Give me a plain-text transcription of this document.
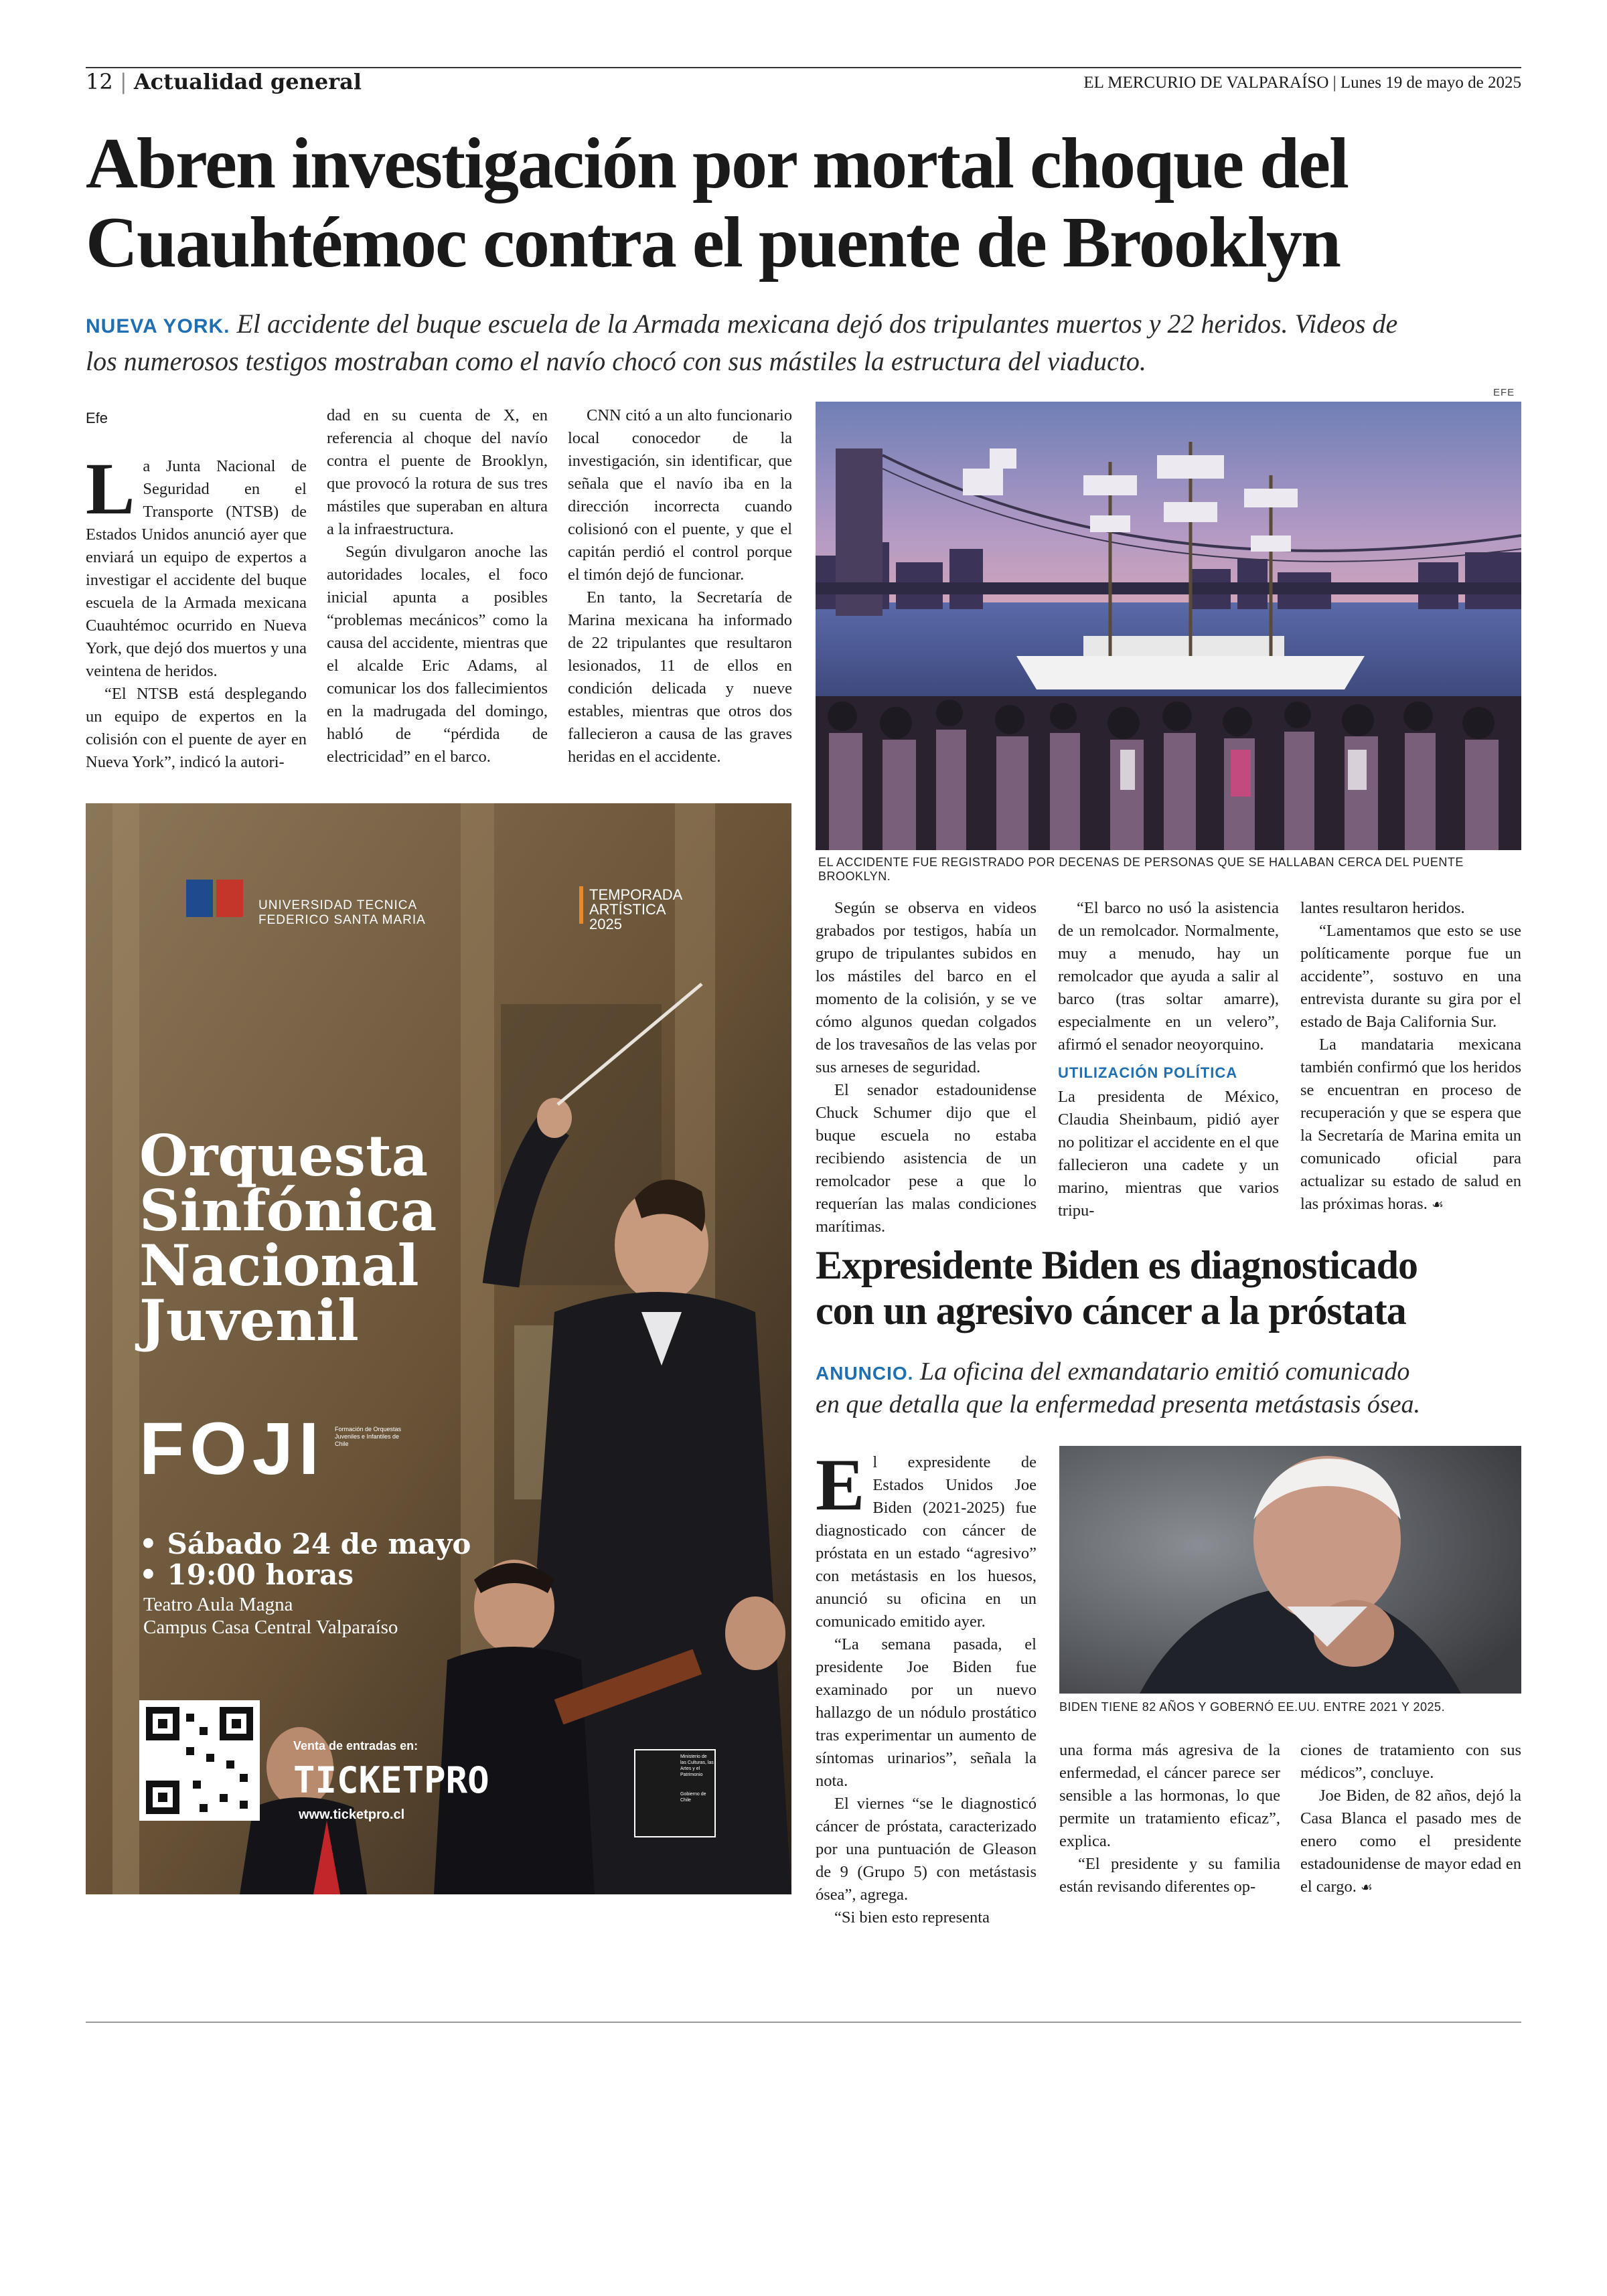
12 | Actualidad general	EL MERCURIO DE VALPARAÍSO | Lunes 19 de mayo de 2025
Abren investigación por mortal choque del
Cuauhtémoc contra el puente de Brooklyn
NUEVA YORK. El accidente del buque escuela de la Armada mexicana dejó dos tripulantes muertos y 22 heridos. Videos de
los numerosos testigos mostraban como el navío chocó con sus mástiles la estructura del viaducto.
Efe

La Junta Nacional de Seguridad en el Transporte (NTSB) de Estados Unidos anunció ayer que enviará un equipo de expertos a investigar el accidente del buque escuela de la Armada mexicana Cuauhtémoc ocurrido en Nueva York, que dejó dos muertos y una veintena de heridos.

“El NTSB está desplegando un equipo de expertos en la colisión con el puente de ayer en Nueva York”, indicó la autori-

dad en su cuenta de X, en referencia al choque del navío contra el puente de Brooklyn, que provocó la rotura de sus tres mástiles que superaban en altura a la infraestructura.

Según divulgaron anoche las autoridades locales, el foco inicial apunta a posibles “problemas mecánicos” como la causa del accidente, mientras que el alcalde Eric Adams, al comunicar los dos fallecimientos en la madrugada del domingo, habló de “pérdida de electricidad” en el barco.

CNN citó a un alto funcionario local conocedor de la investigación, sin identificar, que señala que el navío iba en la dirección incorrecta cuando colisionó con el puente, y que el capitán perdió el control porque el timón dejó de funcionar.

En tanto, la Secretaría de Marina mexicana ha informado de 22 tripulantes que resultaron lesionados, 11 de ellos en condición delicada y nueve estables, mientras que otros dos fallecieron a causa de las graves heridas en el accidente.

EFE
EL ACCIDENTE FUE REGISTRADO POR DECENAS DE PERSONAS QUE SE HALLABAN CERCA DEL PUENTE BROOKLYN.

Según se observa en videos grabados por testigos, había un grupo de tripulantes subidos en los mástiles del barco en el momento de la colisión, y se ve cómo algunos quedan colgados de los travesaños de las velas por sus arneses de seguridad.

El senador estadounidense Chuck Schumer dijo que el buque escuela no estaba recibiendo asistencia de un remolcador pese a que lo requerían las malas condiciones marítimas.

“El barco no usó la asistencia de un remolcador. Normalmente, muy a menudo, hay un remolcador que ayuda a salir al barco (tras soltar amarre), especialmente en un velero”, afirmó el senador neoyorquino.

UTILIZACIÓN POLÍTICA

La presidenta de México, Claudia Sheinbaum, pidió ayer no politizar el accidente en el que fallecieron una cadete y un marino, mientras que varios tripu-

lantes resultaron heridos.

“Lamentamos que esto se use políticamente porque fue un accidente”, sostuvo en una entrevista durante su gira por el estado de Baja California Sur.

La mandataria mexicana también confirmó que los heridos se encuentran en proceso de recuperación y que se espera que la Secretaría de Marina emita un comunicado oficial para actualizar su estado de salud en las próximas horas. ☙

Expresidente Biden es diagnosticado
con un agresivo cáncer a la próstata
ANUNCIO. La oficina del exmandatario emitió comunicado
en que detalla que la enfermedad presenta metástasis ósea.

El expresidente de Estados Unidos Joe Biden (2021-2025) fue diagnosticado con cáncer de próstata en un estado “agresivo” con metástasis en los huesos, anunció su oficina en un comunicado emitido ayer.

“La semana pasada, el presidente Joe Biden fue examinado por un nuevo hallazgo de un nódulo prostático tras experimentar un aumento de síntomas urinarios”, señala la nota.

El viernes “se le diagnosticó cáncer de próstata, caracterizado por una puntuación de Gleason de 9 (Grupo 5) con metástasis ósea”, agrega.

“Si bien esto representa

BIDEN TIENE 82 AÑOS Y GOBERNÓ EE.UU. ENTRE 2021 Y 2025.

una forma más agresiva de la enfermedad, el cáncer parece ser sensible a las hormonas, lo que permite un tratamiento eficaz”, explica.

“El presidente y su familia están revisando diferentes op-

ciones de tratamiento con sus médicos”, concluye.

Joe Biden, de 82 años, dejó la Casa Blanca el pasado mes de enero como el presidente estadounidense de mayor edad en el cargo. ☙

UNIVERSIDAD TECNICA
FEDERICO SANTA MARIA
TEMPORADA
ARTÍSTICA
2025
Orquesta
Sinfónica
Nacional
Juvenil
FOJI Formación de Orquestas Juveniles e Infantiles de Chile
• Sábado 24 de mayo
• 19:00 horas
Teatro Aula Magna
Campus Casa Central Valparaíso
Venta de entradas en:
TICKETPRO
www.ticketpro.cl
Ministerio de las Culturas, las Artes y el Patrimonio
Gobierno de Chile
